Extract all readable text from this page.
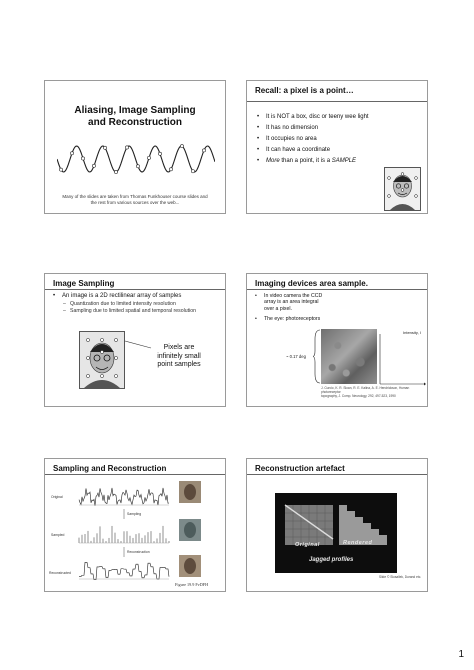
Aliasing, Image Sampling
and Reconstruction
Many of the slides are taken from Thomas Funkhouser course slides and
the rest from various sources over the web...
Recall: a pixel is a point…
• It is NOT a box, disc or teeny wee light
• It has no dimension
• It occupies no area
• It can have a coordinate
• More than a point, it is a SAMPLE
Image Sampling
• An image is a 2D rectilinear array of samples
– Quantization due to limited intensity resolution
– Sampling due to limited spatial and temporal resolution
Pixels are
infinitely small
point samples
Imaging devices area sample.
• In video camera the CCD
array is an area integral
over a pixel.
• The eye: photoreceptors
~ 0.17 deg
Intensity, I
J. Curcio, K. R. Sloan, R. E. Kalina, A. E. Hendrickson, Human photoreceptor
topography, J. Comp. Neurology, 292, 497-523, 1990
Sampling and Reconstruction
Original
Sampled
Reconstructed
Sampling
Reconstruction
Figure 19.9 FvDFH
Reconstruction artefact
Original	Rendered
Jagged profiles
Slide © Slusallek, Durand etc.
1
